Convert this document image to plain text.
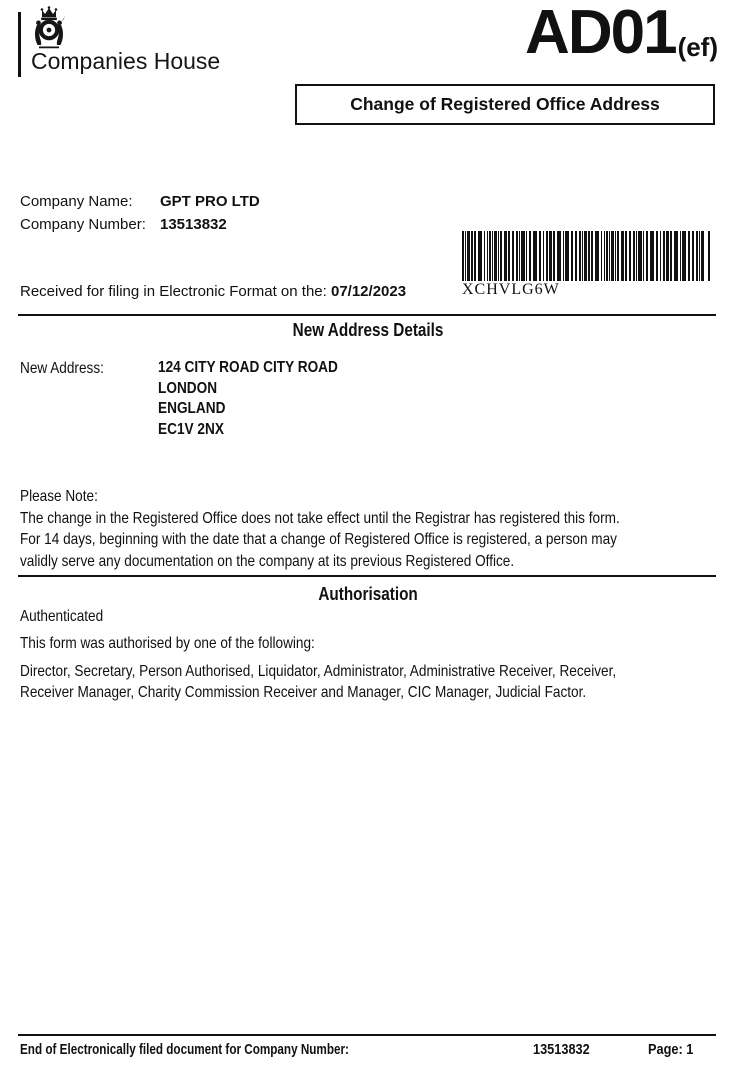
Companies House	AD01(ef)
Change of Registered Office Address
Company Name: GPT PRO LTD
Company Number: 13513832
XCHVLG6W
Received for filing in Electronic Format on the: 07/12/2023
New Address Details
New Address:	124 CITY ROAD CITY ROAD
LONDON
ENGLAND
EC1V 2NX
Please Note:
The change in the Registered Office does not take effect until the Registrar has registered this form.
For 14 days, beginning with the date that a change of Registered Office is registered, a person may
validly serve any documentation on the company at its previous Registered Office.
Authorisation
Authenticated
This form was authorised by one of the following:
Director, Secretary, Person Authorised, Liquidator, Administrator, Administrative Receiver, Receiver,
Receiver Manager, Charity Commission Receiver and Manager, CIC Manager, Judicial Factor.
End of Electronically filed document for Company Number:	13513832	Page: 1
